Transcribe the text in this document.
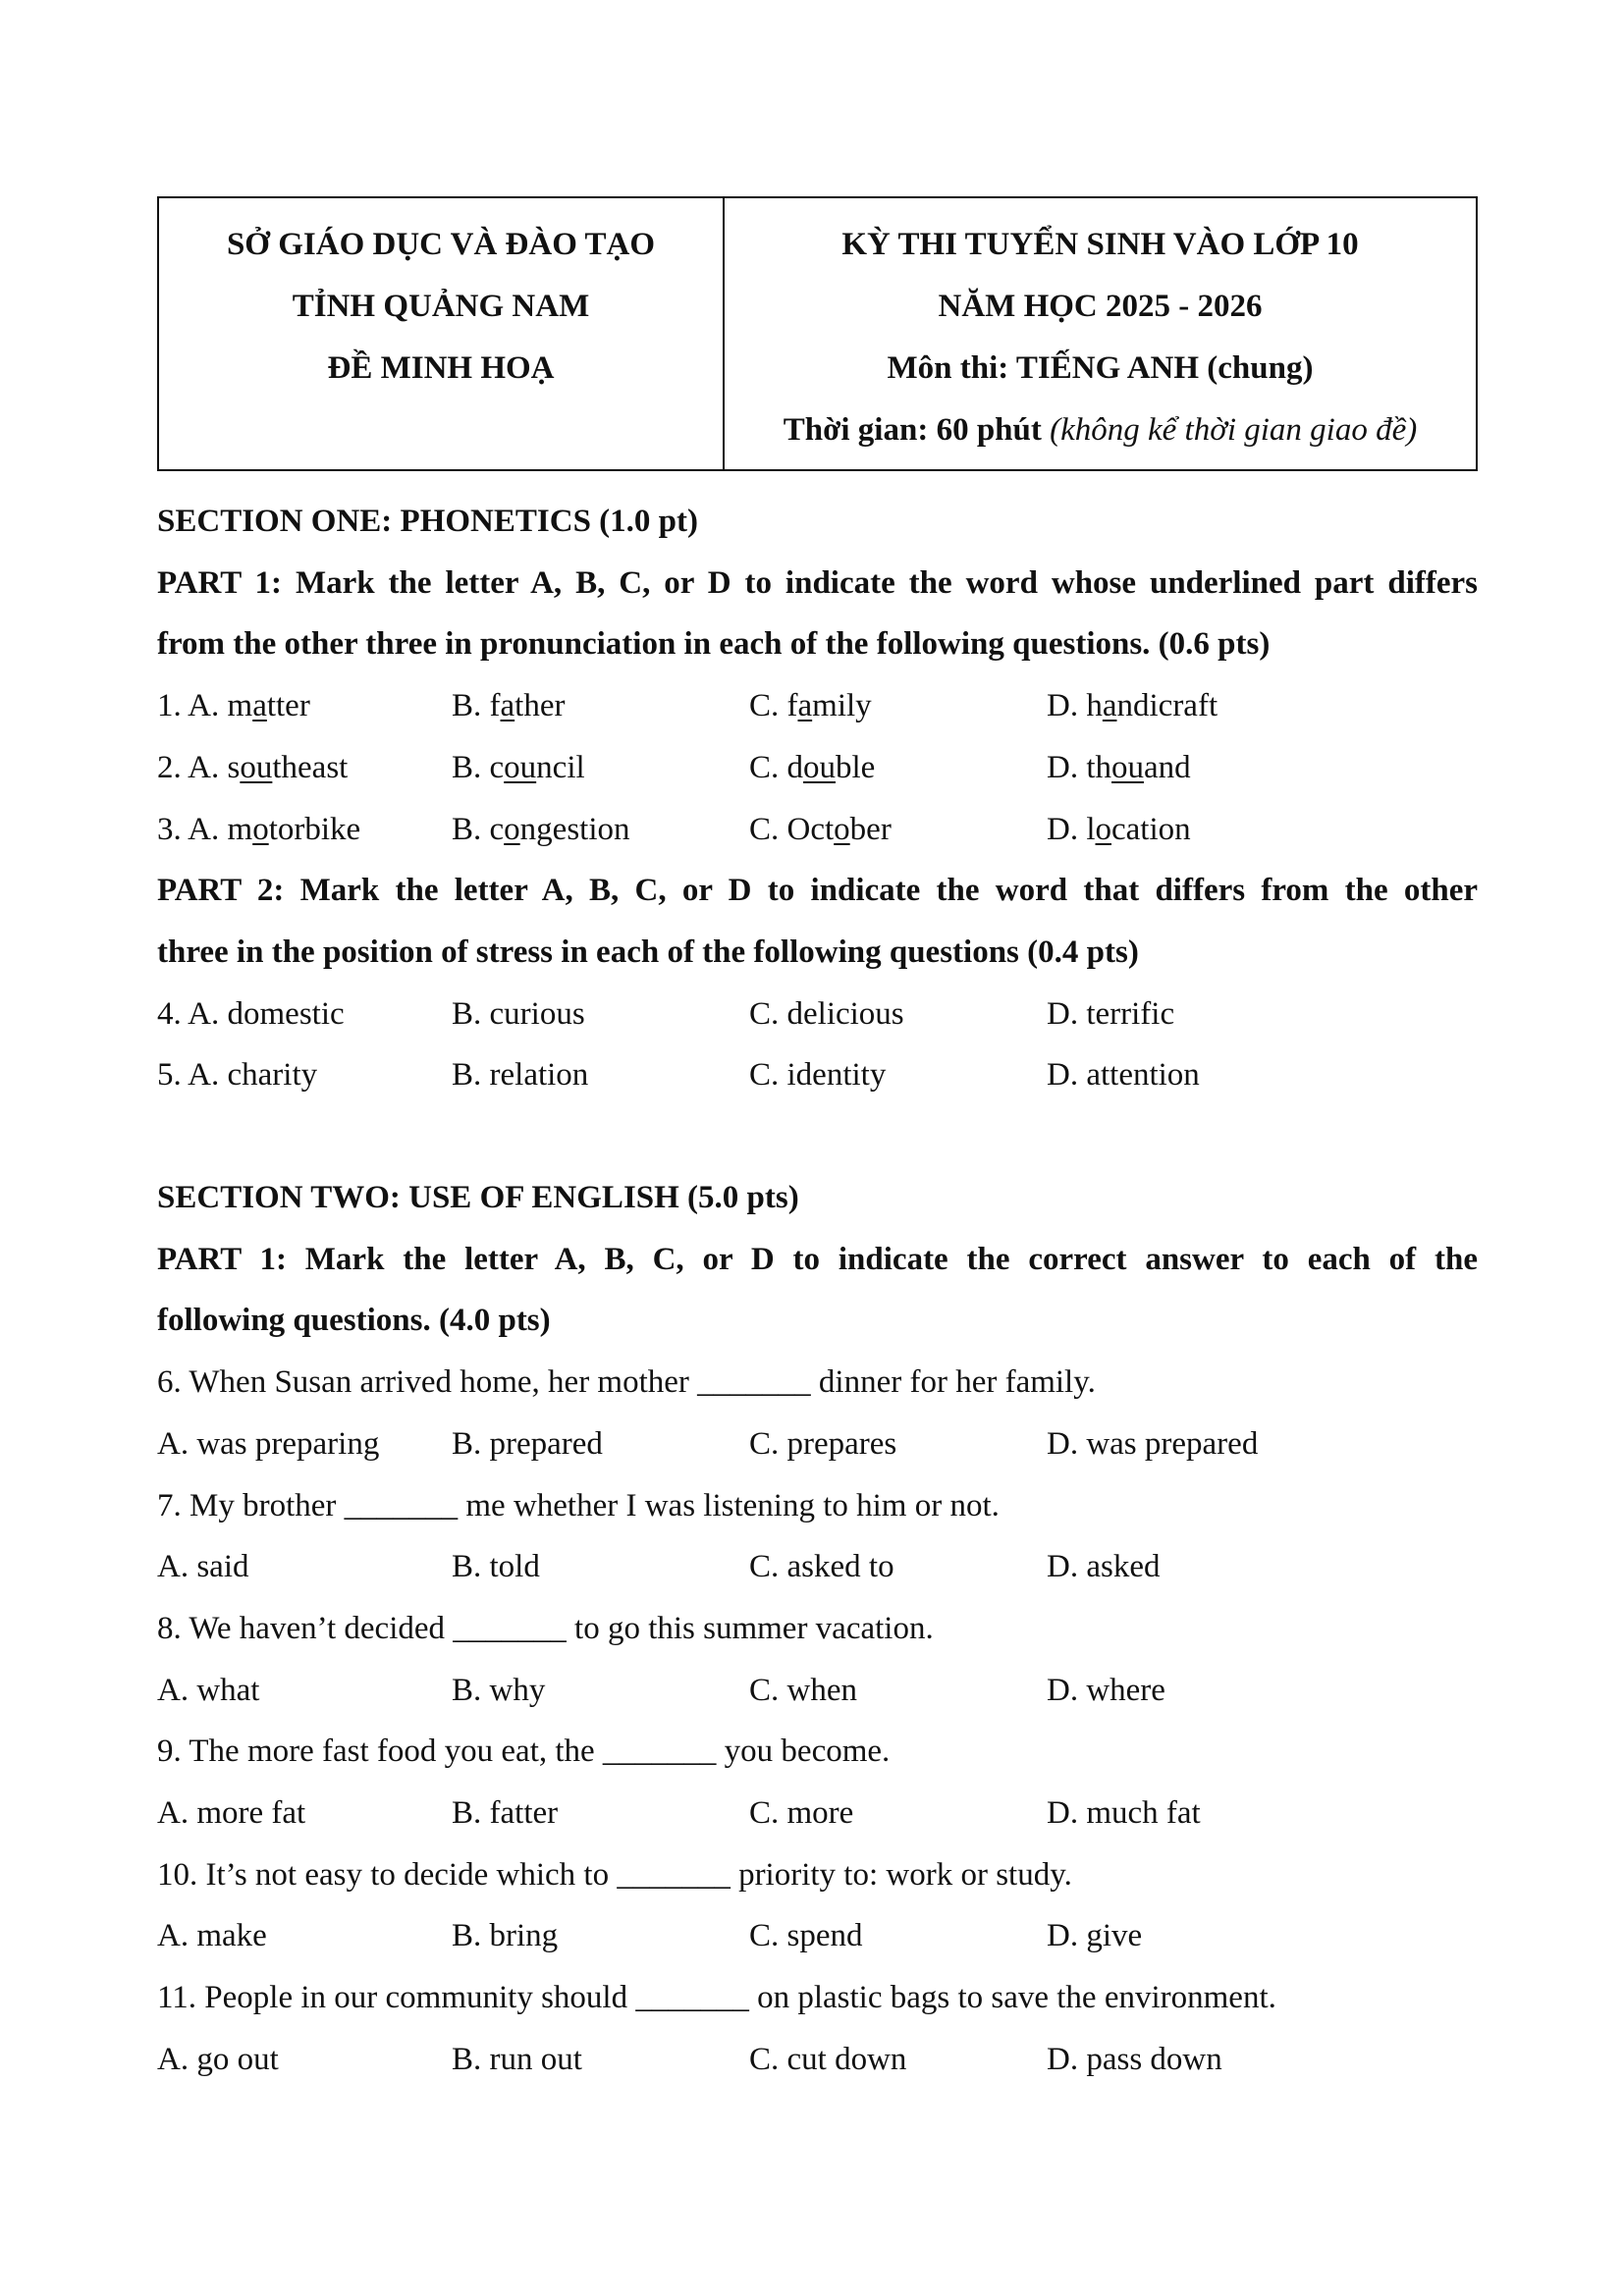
SỞ GIÁO DỤC VÀ ĐÀO TẠO
TỈNH QUẢNG NAM
ĐỀ MINH HOẠ
KỲ THI TUYỂN SINH VÀO LỚP 10
NĂM HỌC 2025 - 2026
Môn thi: TIẾNG ANH (chung)
Thời gian: 60 phút (không kể thời gian giao đề)
SECTION ONE: PHONETICS (1.0 pt)
PART 1: Mark the letter A, B, C, or D to indicate the word whose underlined part differs
from the other three in pronunciation in each of the following questions. (0.6 pts)
1. A. matter	B. father	C. family	D. handicraft
2. A. southeast	B. council	C. double	D. thouand
3. A. motorbike	B. congestion	C. October	D. location
PART 2: Mark the letter A, B, C, or D to indicate the word that differs from the other
three in the position of stress in each of the following questions (0.4 pts)
4. A. domestic	B. curious	C. delicious	D. terrific
5. A. charity	B. relation	C. identity	D. attention
SECTION TWO: USE OF ENGLISH (5.0 pts)
PART 1: Mark the letter A, B, C, or D to indicate the correct answer to each of the
following questions. (4.0 pts)
6. When Susan arrived home, her mother _______ dinner for her family.
A. was preparing	B. prepared	C. prepares	D. was prepared
7. My brother _______ me whether I was listening to him or not.
A. said	B. told	C. asked to	D. asked
8. We haven’t decided _______ to go this summer vacation.
A. what	B. why	C. when	D. where
9. The more fast food you eat, the _______ you become.
A. more fat	B. fatter	C. more	D. much fat
10. It’s not easy to decide which to _______ priority to: work or study.
A. make	B. bring	C. spend	D. give
11. People in our community should _______ on plastic bags to save the environment.
A. go out	B. run out	C. cut down	D. pass down
